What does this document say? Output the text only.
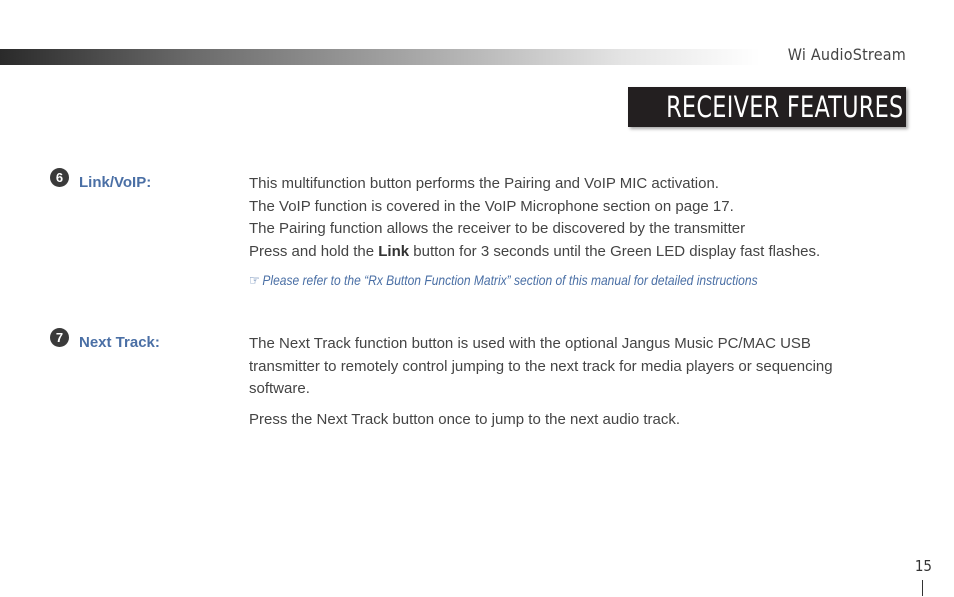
Wi AudioStream
RECEIVER FEATURES
6	Link/VoIP:	This multifunction button performs the Pairing and VoIP MIC activation.

The VoIP function is covered in the VoIP Microphone section on page 17.

The Pairing function allows the receiver to be discovered by the transmitter

Press and hold the Link button for 3 seconds until the Green LED display fast flashes.

☞ Please refer to the “Rx Button Function Matrix” section of this manual for detailed instructions
7	Next Track:	The Next Track function button is used with the optional Jangus Music PC/MAC USB transmitter to remotely control jumping to the next track for media players or sequencing software.

Press the Next Track button once to jump to the next audio track.

15
